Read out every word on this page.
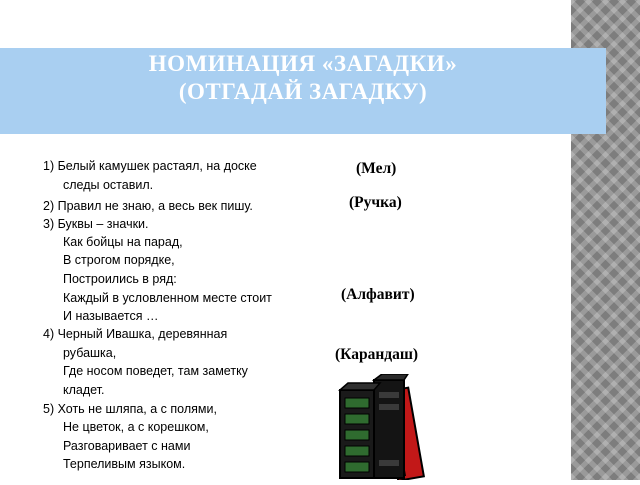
НОМИНАЦИЯ «ЗАГАДКИ»
(ОТГАДАЙ ЗАГАДКУ)
1) Белый камушек растаял, на доске
следы оставил.
2) Правил не знаю, а весь век пишу.
3) Буквы – значки.
Как бойцы на парад,
В строгом порядке,
Построились в ряд:
Каждый в условленном месте стоит
И называется …
4) Черный Ивашка, деревянная
рубашка,
Где носом поведет, там заметку
кладет.
5) Хоть не шляпа, а с полями,
Не цветок, а с корешком,
Разговаривает с нами
Терпеливым языком.
(Мел)
(Ручка)
(Алфавит)
(Карандаш)
